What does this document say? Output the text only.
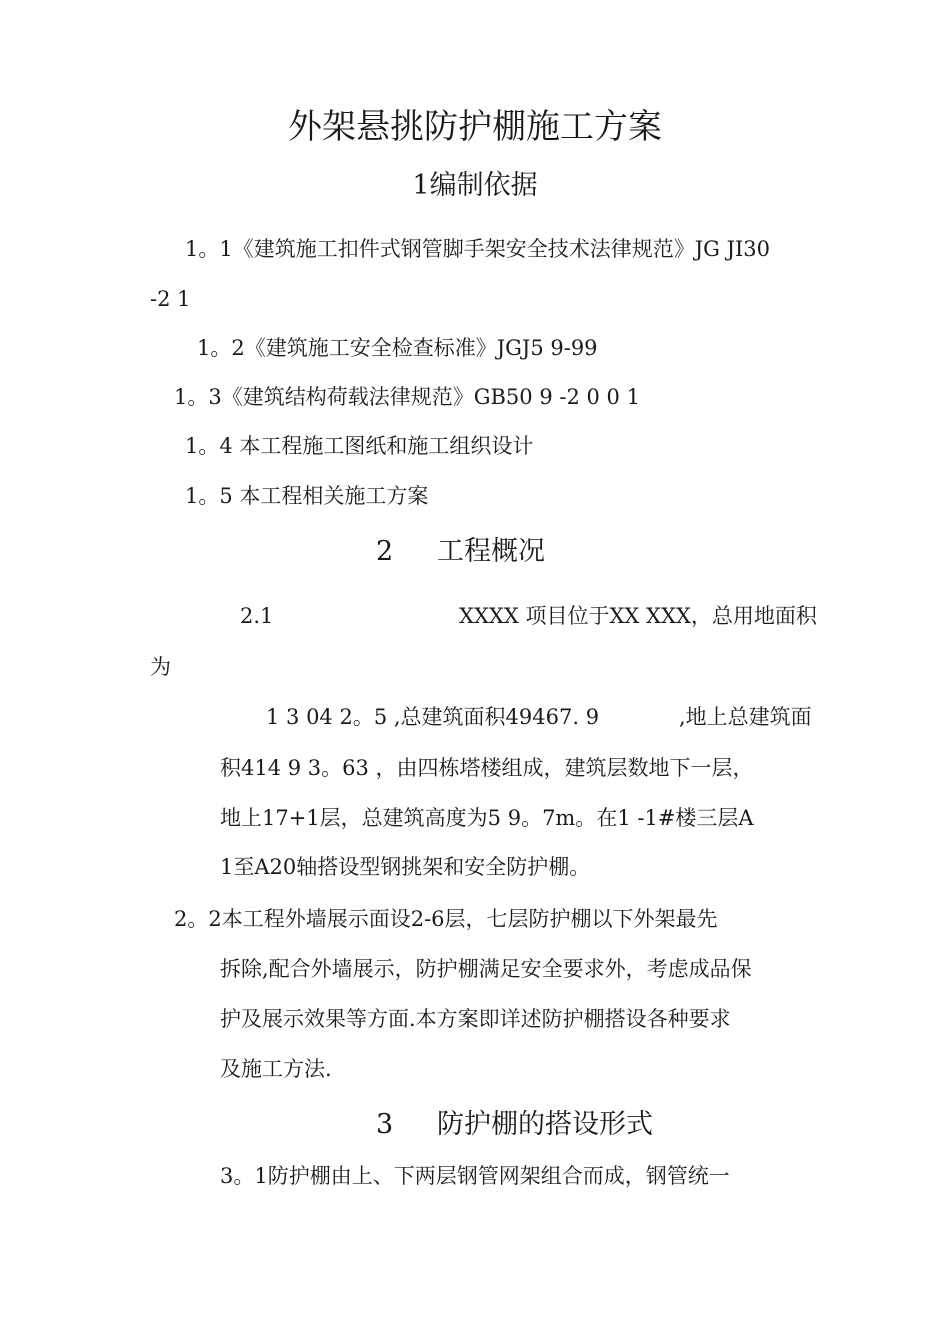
外架悬挑防护棚施工方案
1编制依据
1。1《建筑施工扣件式钢管脚手架安全技术法律规范》JG JI30
-2 1
1。2《建筑施工安全检查标准》JGJ5 9-99
1。3《建筑结构荷载法律规范》GB50 9 -2 0 0 1
1。4 本工程施工图纸和施工组织设计
1。5 本工程相关施工方案
2 工程概况
2.1	XXXX 项目位于XX XXX，总用地面积
为
1 3 04 2。5 ,总建筑面积49467. 9	,地上总建筑面
积414 9 3。63 ，由四栋塔楼组成，建筑层数地下一层，
地上17+1层，总建筑高度为5 9。7m。在1 -1#楼三层A
1至A20轴搭设型钢挑架和安全防护棚。
2。2本工程外墙展示面设2-6层，七层防护棚以下外架最先
拆除,配合外墙展示，防护棚满足安全要求外，考虑成品保
护及展示效果等方面.本方案即详述防护棚搭设各种要求
及施工方法.
3 防护棚的搭设形式
3。1防护棚由上、下两层钢管网架组合而成，钢管统一
